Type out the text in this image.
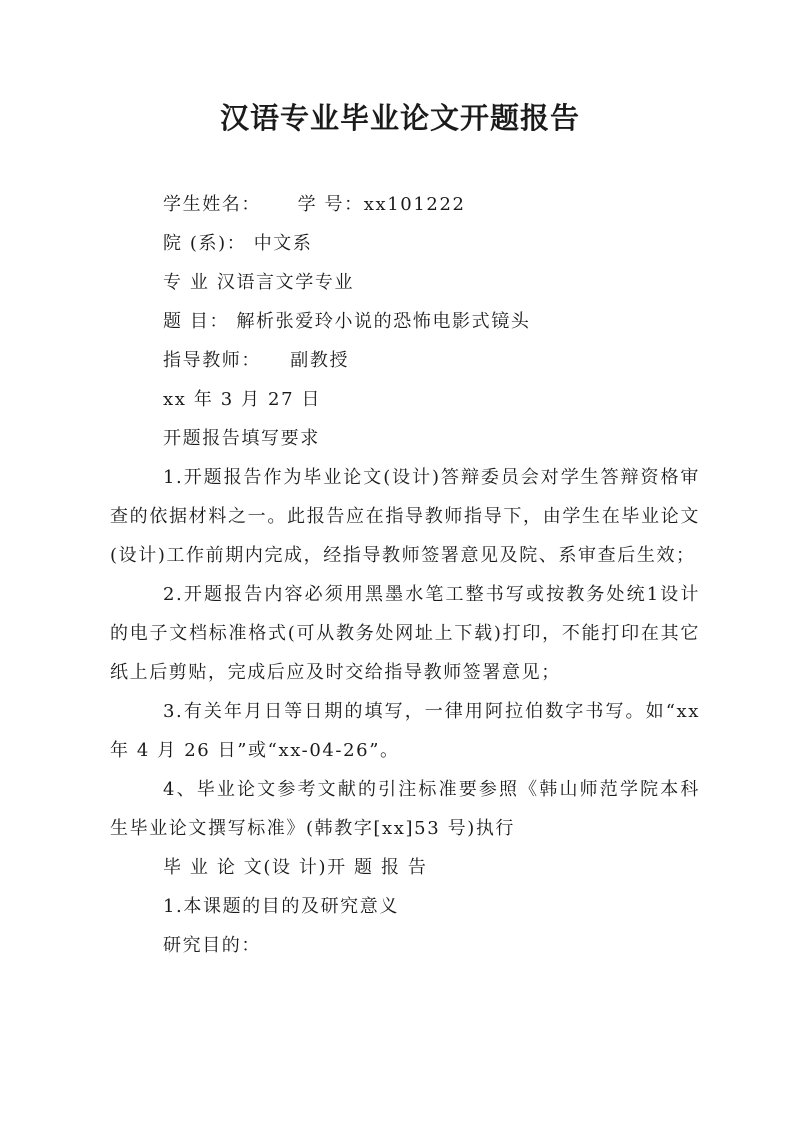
汉语专业毕业论文开题报告
学生姓名：     学 号：xx101222
院 (系)： 中文系
专 业 汉语言文学专业
题 目： 解析张爱玲小说的恐怖电影式镜头
指导教师：    副教授
xx 年 3 月 27 日
开题报告填写要求
1.开题报告作为毕业论文(设计)答辩委员会对学生答辩资格审查的依据材料之一。此报告应在指导教师指导下，由学生在毕业论文(设计)工作前期内完成，经指导教师签署意见及院、系审查后生效；
2.开题报告内容必须用黑墨水笔工整书写或按教务处统1设计的电子文档标准格式(可从教务处网址上下载)打印，不能打印在其它纸上后剪贴，完成后应及时交给指导教师签署意见；
3.有关年月日等日期的填写，一律用阿拉伯数字书写。如“xx 年 4 月 26 日”或“xx-04-26”。
4、毕业论文参考文献的引注标准要参照《韩山师范学院本科生毕业论文撰写标准》(韩教字[xx]53 号)执行
毕 业 论 文(设 计)开 题 报 告
1.本课题的目的及研究意义
研究目的：
